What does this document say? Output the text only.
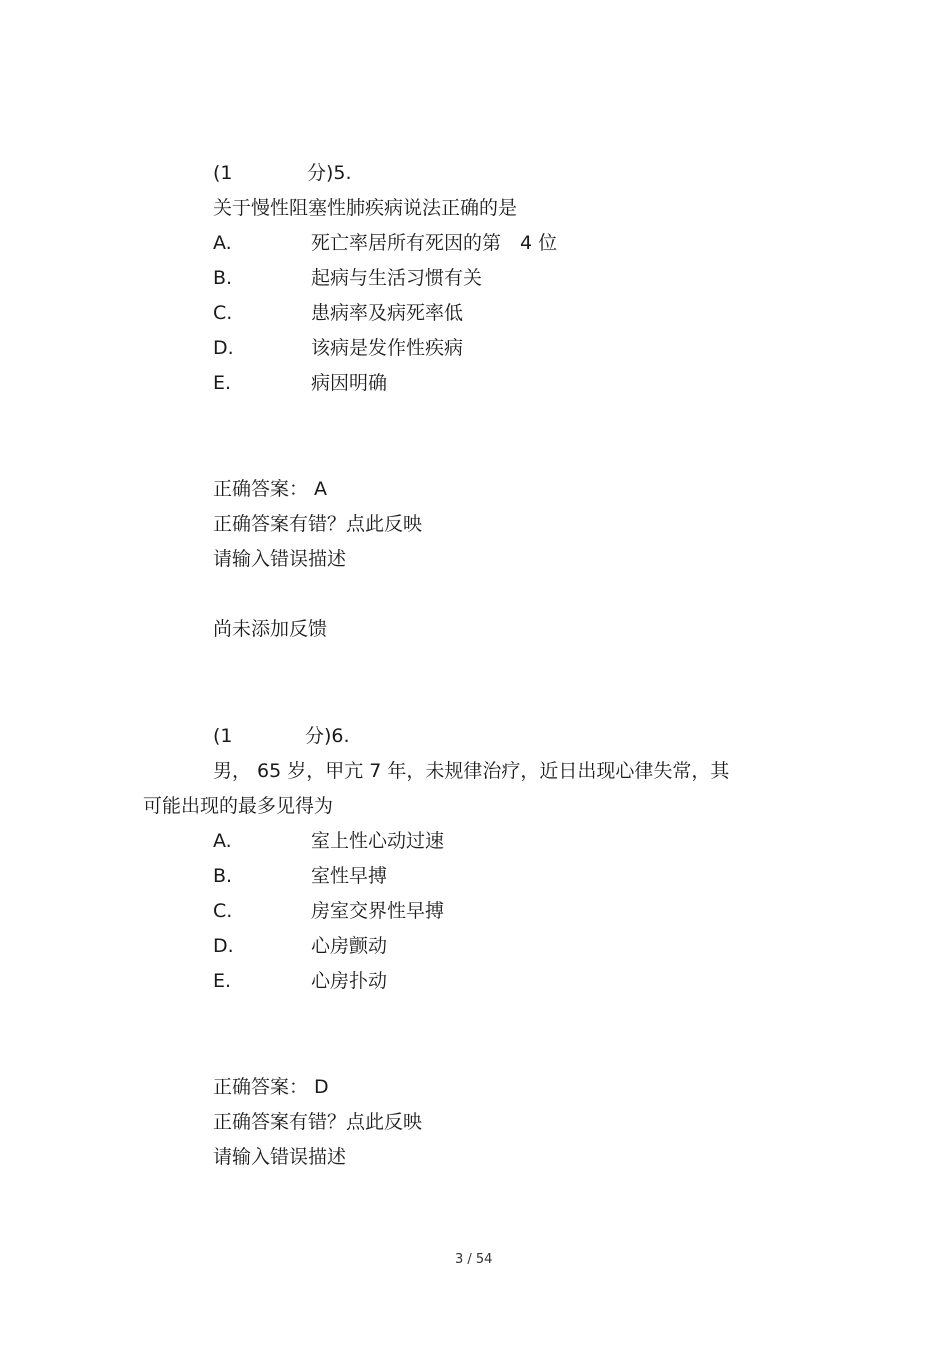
(1	分)5.
关于慢性阻塞性肺疾病说法正确的是
A.	死亡率居所有死因的第　4 位
B.	起病与生活习惯有关
C.	患病率及病死率低
D.	该病是发作性疾病
E.	病因明确
正确答案： A
正确答案有错？点此反映
请输入错误描述
尚未添加反馈
(1	分)6.
男， 65 岁，甲亢 7 年，未规律治疗，近日出现心律失常，其
可能出现的最多见得为
A.	室上性心动过速
B.	室性早搏
C.	房室交界性早搏
D.	心房颤动
E.	心房扑动
正确答案： D
正确答案有错？点此反映
请输入错误描述
3 / 54
